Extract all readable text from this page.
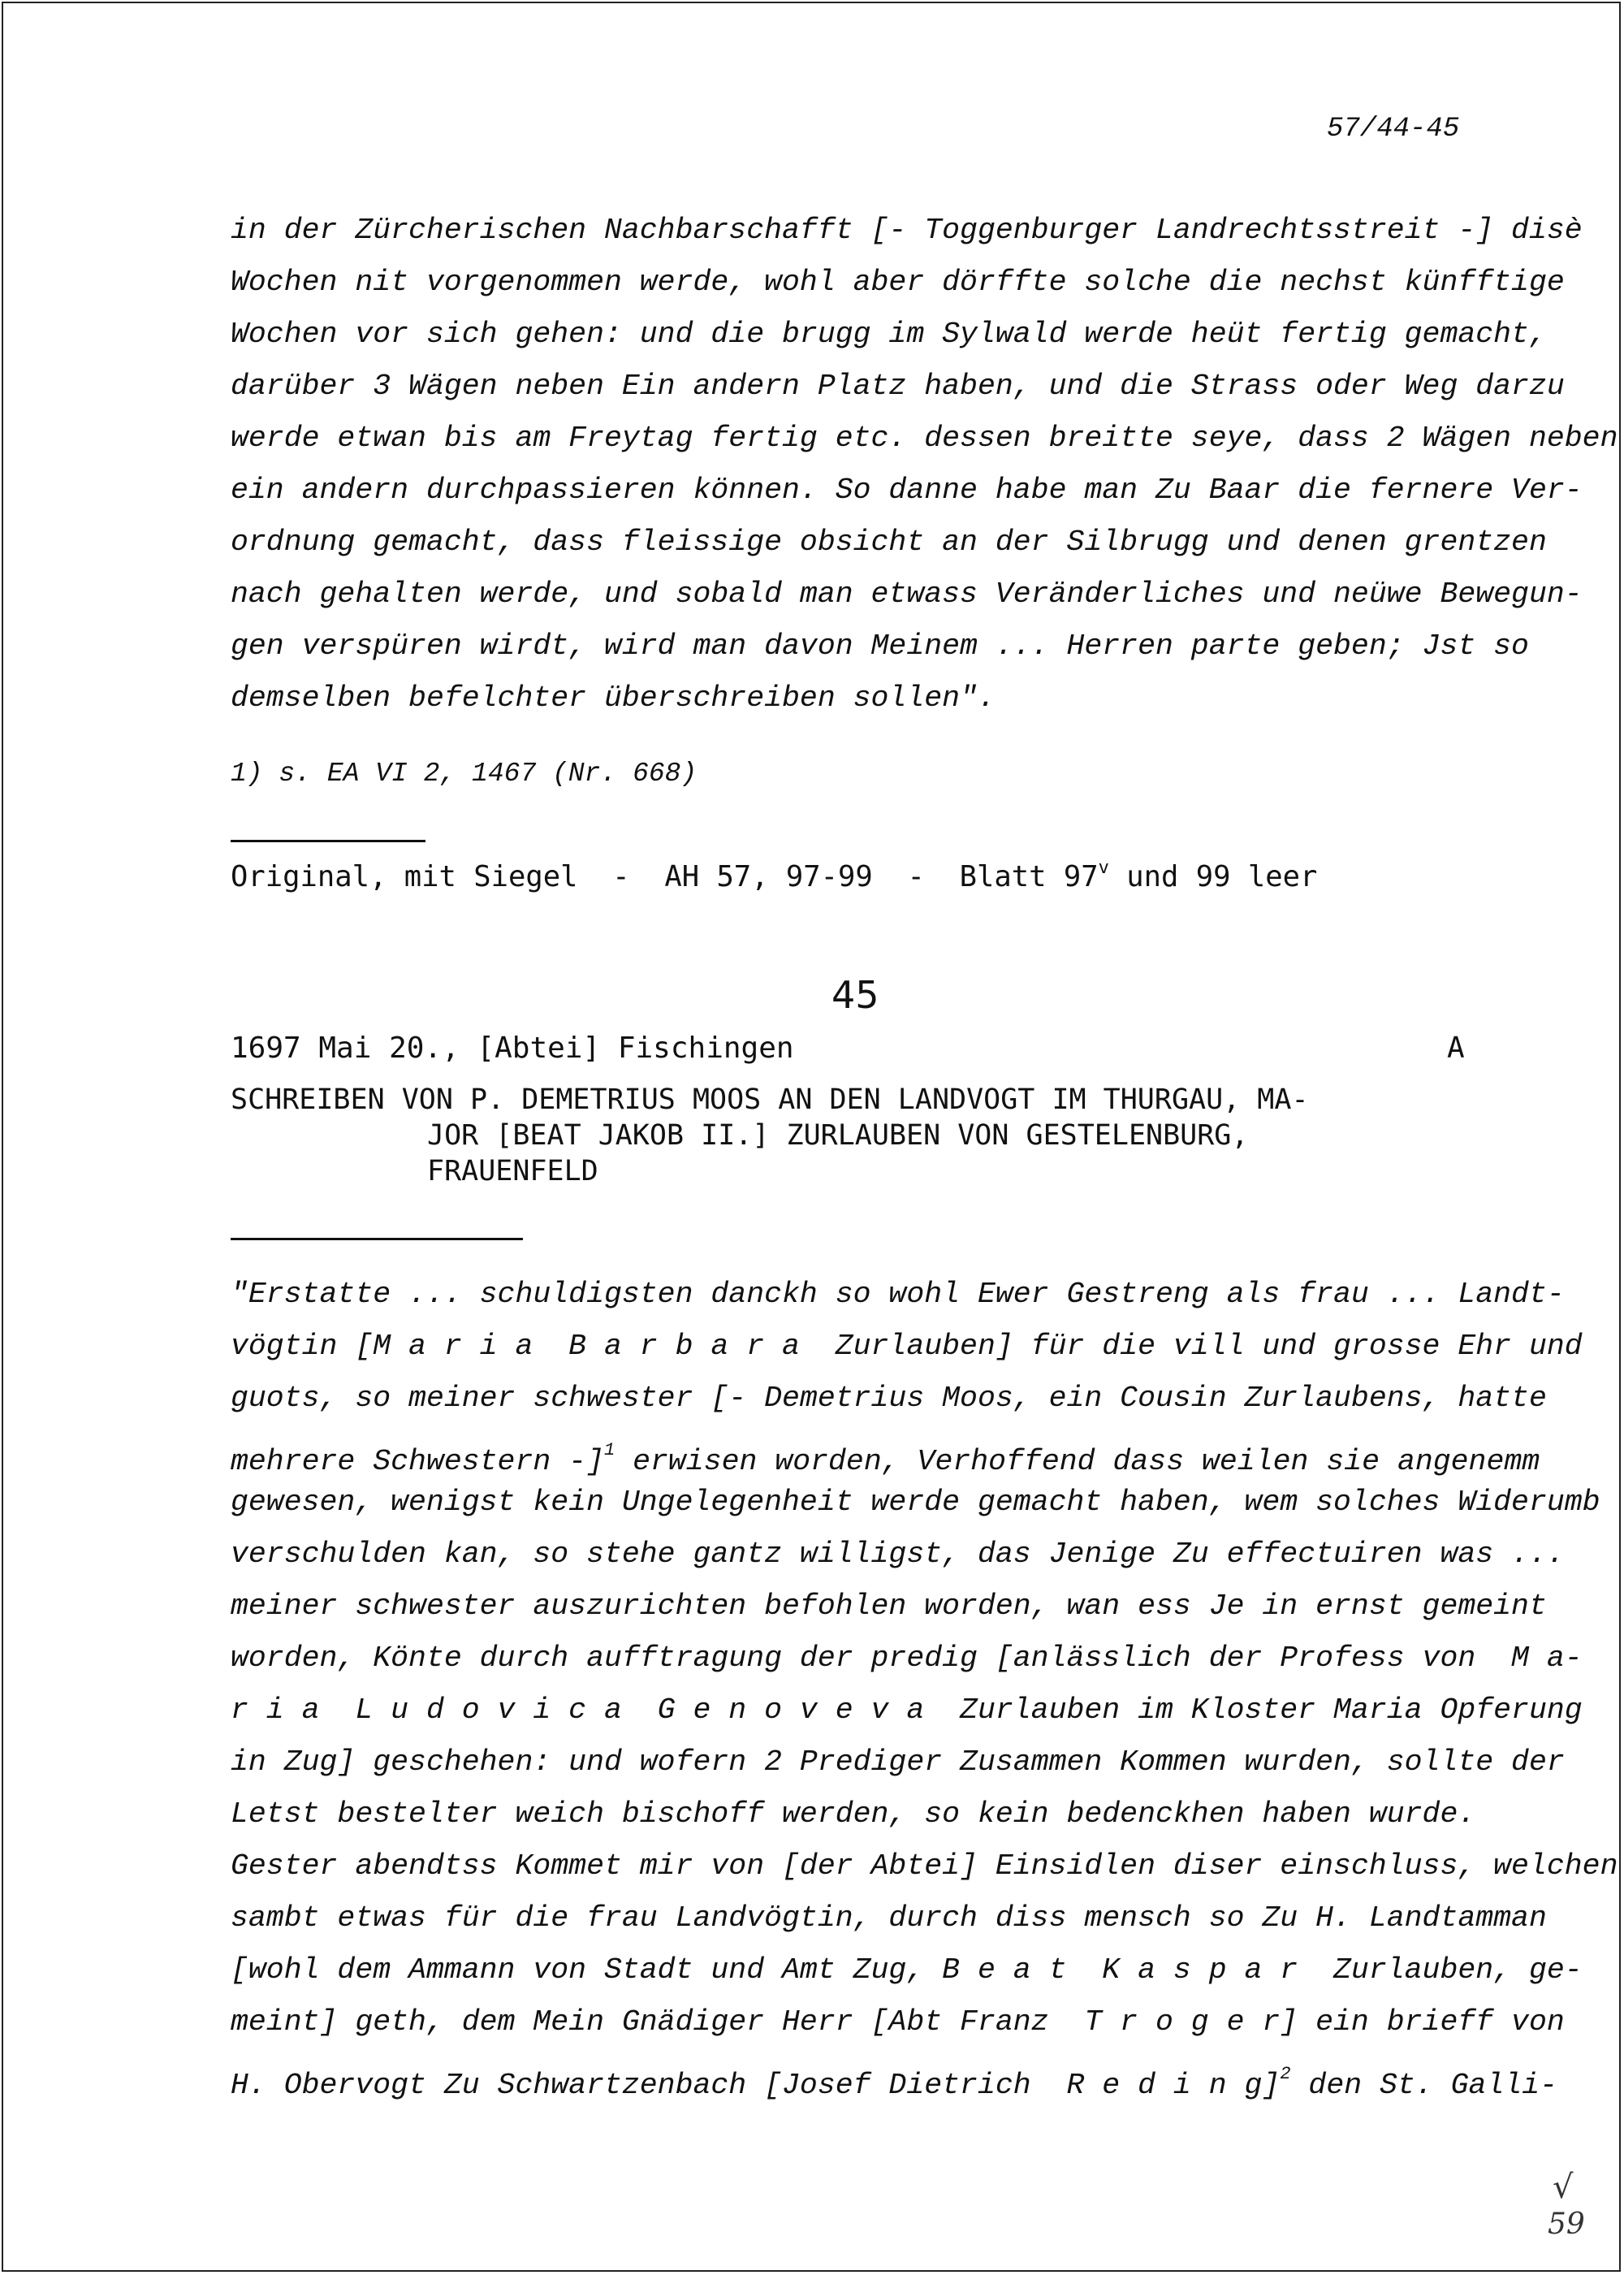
57/44-45
in der Zürcherischen Nachbarschafft [- Toggenburger Landrechtsstreit -] disè
Wochen nit vorgenommen werde, wohl aber dörffte solche die nechst künfftige
Wochen vor sich gehen: und die brugg im Sylwald werde heüt fertig gemacht,
darüber 3 Wägen neben Ein andern Platz haben, und die Strass oder Weg darzu
werde etwan bis am Freytag fertig etc. dessen breitte seye, dass 2 Wägen neben
ein andern durchpassieren können. So danne habe man Zu Baar die fernere Ver-
ordnung gemacht, dass fleissige obsicht an der Silbrugg und denen grentzen
nach gehalten werde, und sobald man etwass Veränderliches und neüwe Bewegun-
gen verspüren wirdt, wird man davon Meinem ... Herren parte geben; Jst so
demselben befelchter überschreiben sollen".
1) s. EA VI 2, 1467 (Nr. 668)
Original, mit Siegel  -  AH 57, 97-99  -  Blatt 97$^v$ und 99 leer
45
1697 Mai 20., [Abtei] Fischingen	A
SCHREIBEN VON P. DEMETRIUS MOOS AN DEN LANDVOGT IM THURGAU, MA-
JOR [BEAT JAKOB II.] ZURLAUBEN VON GESTELENBURG,
FRAUENFELD
"Erstatte ... schuldigsten danckh so wohl Ewer Gestreng als frau ... Landt-
vögtin [M a r i a  B a r b a r a  Zurlauben] für die vill und grosse Ehr und
guots, so meiner schwester [- Demetrius Moos, ein Cousin Zurlaubens, hatte
mehrere Schwestern -]$^1$ erwisen worden, Verhoffend dass weilen sie angenemm
gewesen, wenigst kein Ungelegenheit werde gemacht haben, wem solches Widerumb
verschulden kan, so stehe gantz willigst, das Jenige Zu effectuiren was ...
meiner schwester auszurichten befohlen worden, wan ess Je in ernst gemeint
worden, Könte durch aufftragung der predig [anlässlich der Profess von  M a-
r i a  L u d o v i c a  G e n o v e v a  Zurlauben im Kloster Maria Opferung
in Zug] geschehen: und wofern 2 Prediger Zusammen Kommen wurden, sollte der
Letst bestelter weich bischoff werden, so kein bedenckhen haben wurde.
Gester abendtss Kommet mir von [der Abtei] Einsidlen diser einschluss, welchen
sambt etwas für die frau Landvögtin, durch diss mensch so Zu H. Landtamman
[wohl dem Ammann von Stadt und Amt Zug, B e a t  K a s p a r  Zurlauben, ge-
meint] geth, dem Mein Gnädiger Herr [Abt Franz  T r o g e r] ein brieff von
H. Obervogt Zu Schwartzenbach [Josef Dietrich  R e d i n g]$^2$ den St. Galli-
√
59
